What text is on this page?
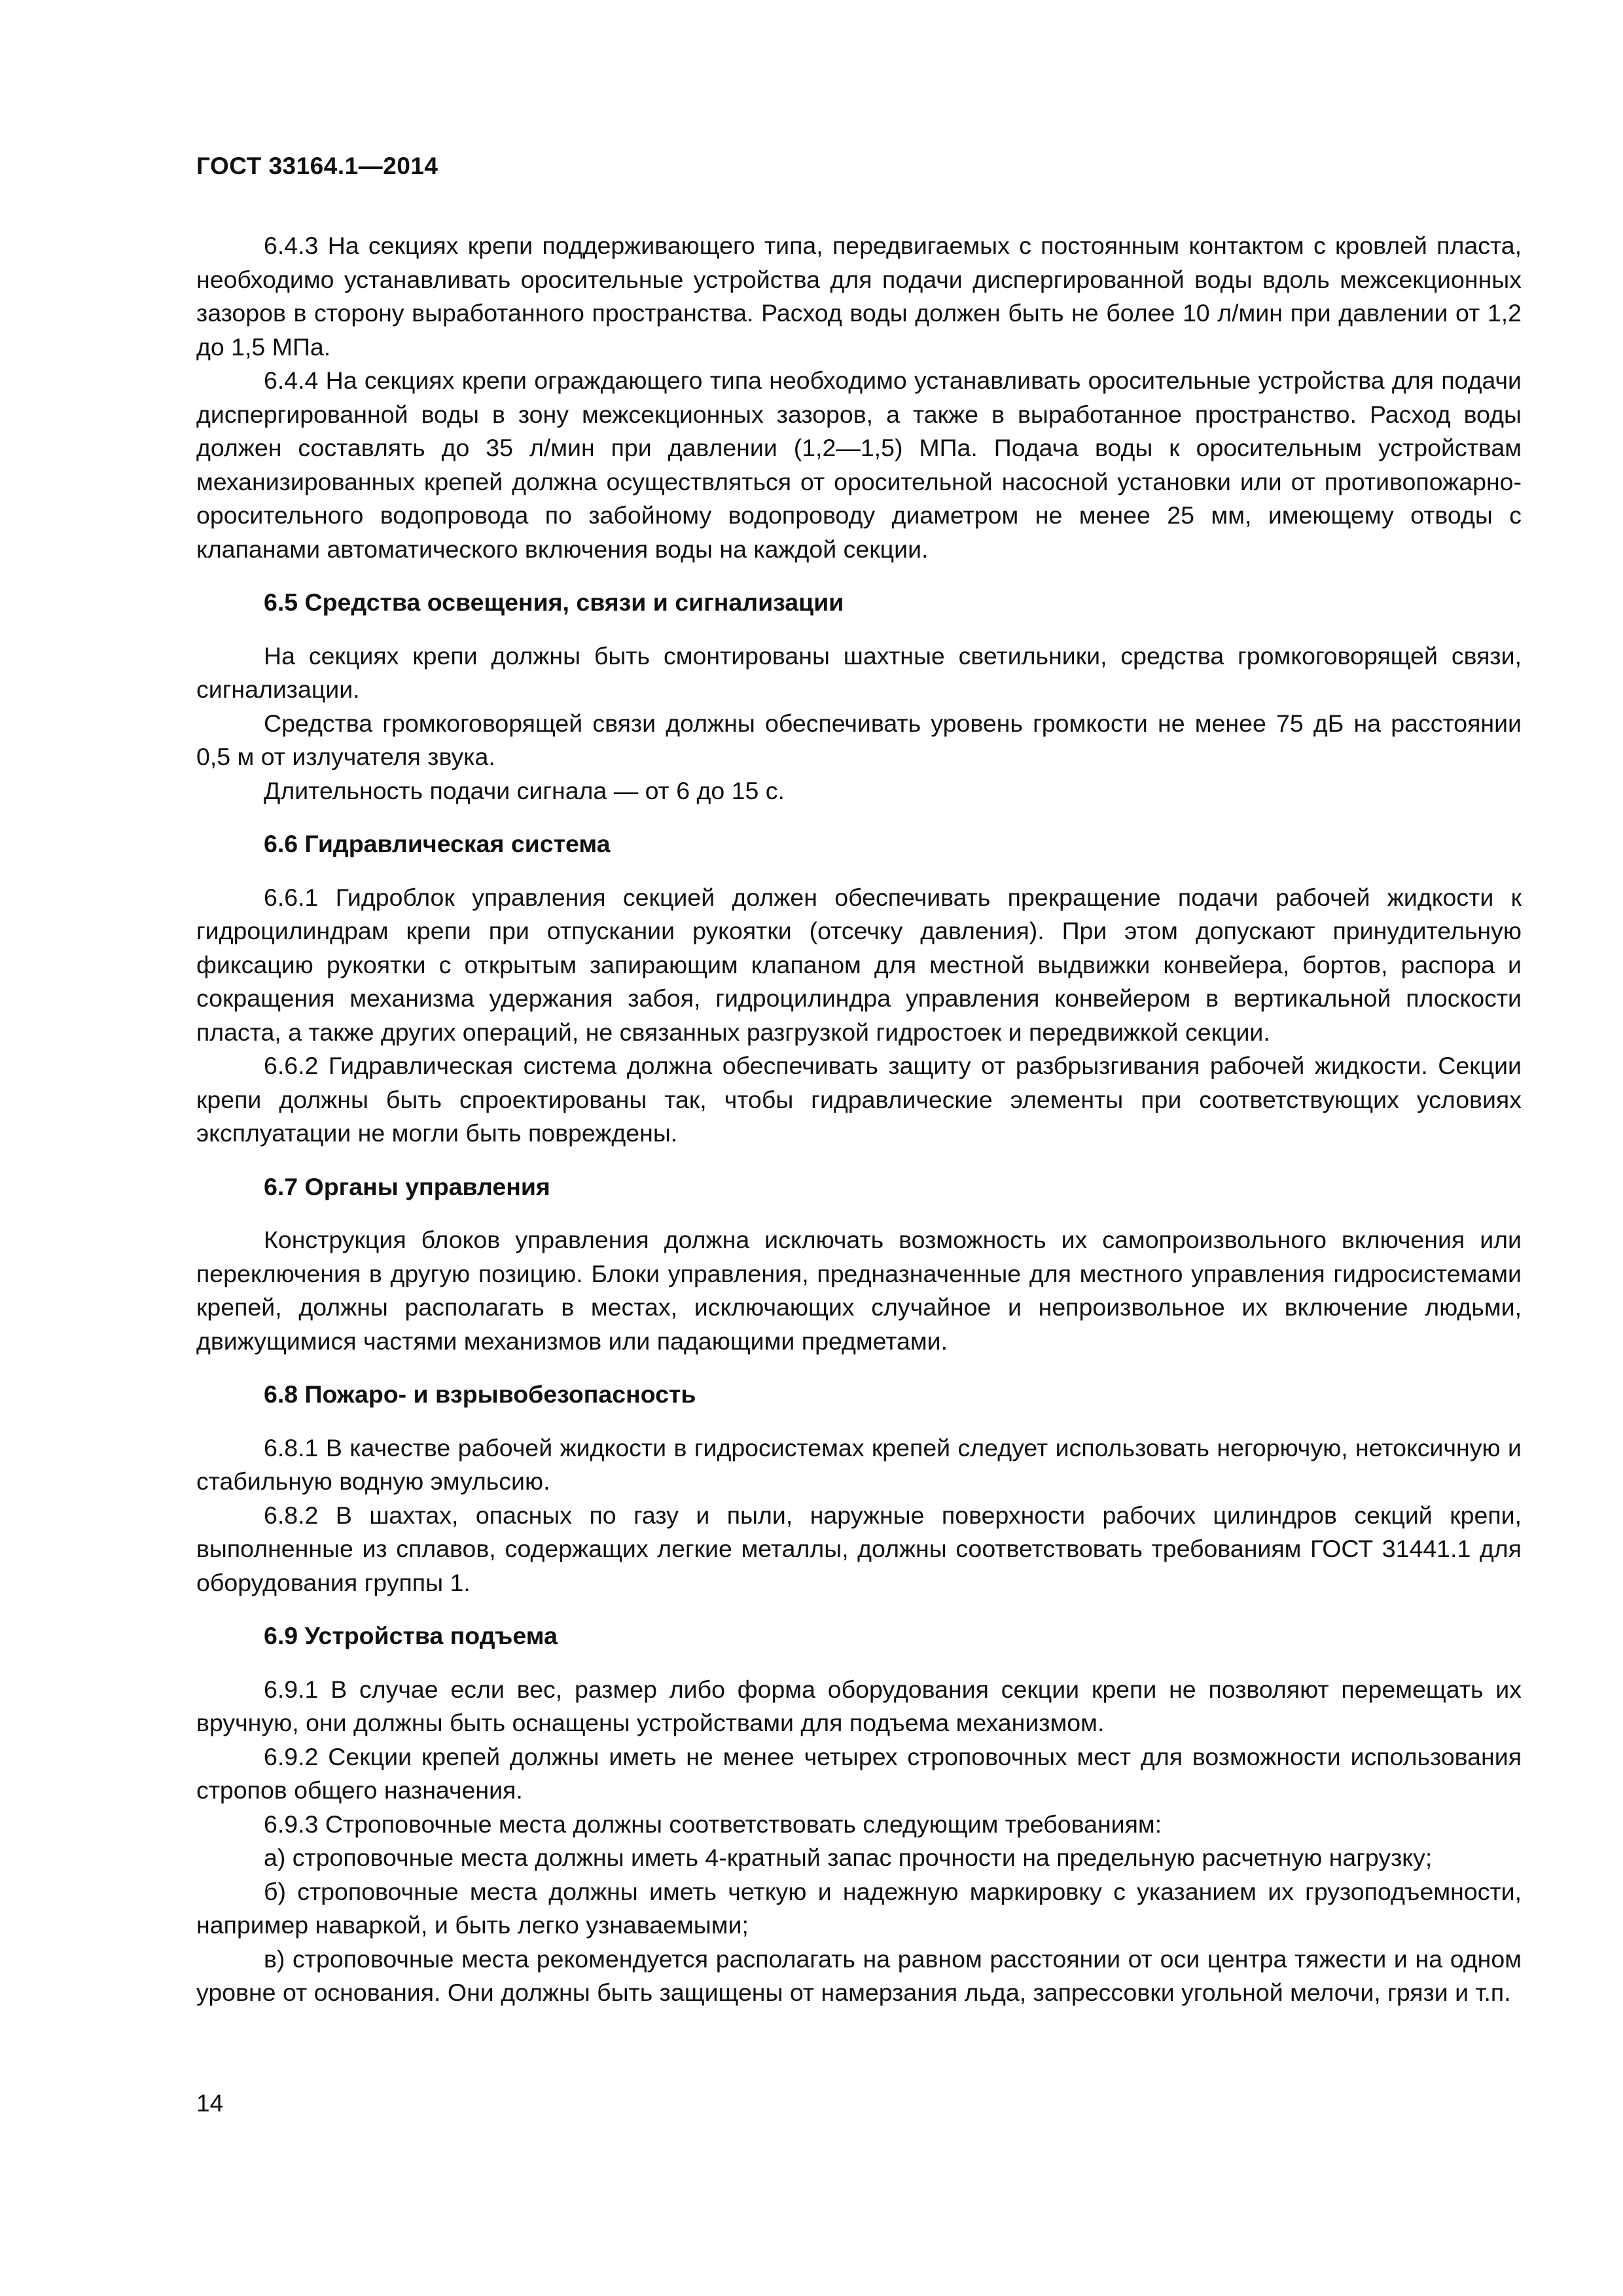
ГОСТ 33164.1—2014

6.4.3 На секциях крепи поддерживающего типа, передвигаемых с постоянным контактом с кровлей пласта, необходимо устанавливать оросительные устройства для подачи диспергированной воды вдоль межсекционных зазоров в сторону выработанного пространства. Расход воды должен быть не более 10 л/мин при давлении от 1,2 до 1,5 МПа.

6.4.4 На секциях крепи ограждающего типа необходимо устанавливать оросительные устройства для подачи диспергированной воды в зону межсекционных зазоров, а также в выработанное пространство. Расход воды должен составлять до 35 л/мин при давлении (1,2—1,5) МПа. Подача воды к оросительным устройствам механизированных крепей должна осуществляться от оросительной насосной установки или от противопожарно-оросительного водопровода по забойному водопроводу диаметром не менее 25 мм, имеющему отводы с клапанами автоматического включения воды на каждой секции.

6.5 Средства освещения, связи и сигнализации

На секциях крепи должны быть смонтированы шахтные светильники, средства громкоговорящей связи, сигнализации.

Средства громкоговорящей связи должны обеспечивать уровень громкости не менее 75 дБ на расстоянии 0,5 м от излучателя звука.

Длительность подачи сигнала — от 6 до 15 с.

6.6 Гидравлическая система

6.6.1 Гидроблок управления секцией должен обеспечивать прекращение подачи рабочей жидкости к гидроцилиндрам крепи при отпускании рукоятки (отсечку давления). При этом допускают принудительную фиксацию рукоятки с открытым запирающим клапаном для местной выдвижки конвейера, бортов, распора и сокращения механизма удержания забоя, гидроцилиндра управления конвейером в вертикальной плоскости пласта, а также других операций, не связанных разгрузкой гидростоек и передвижкой секции.

6.6.2 Гидравлическая система должна обеспечивать защиту от разбрызгивания рабочей жидкости. Секции крепи должны быть спроектированы так, чтобы гидравлические элементы при соответствующих условиях эксплуатации не могли быть повреждены.

6.7 Органы управления

Конструкция блоков управления должна исключать возможность их самопроизвольного включения или переключения в другую позицию. Блоки управления, предназначенные для местного управления гидросистемами крепей, должны располагать в местах, исключающих случайное и непроизвольное их включение людьми, движущимися частями механизмов или падающими предметами.

6.8 Пожаро- и взрывобезопасность

6.8.1 В качестве рабочей жидкости в гидросистемах крепей следует использовать негорючую, нетоксичную и стабильную водную эмульсию.

6.8.2 В шахтах, опасных по газу и пыли, наружные поверхности рабочих цилиндров секций крепи, выполненные из сплавов, содержащих легкие металлы, должны соответствовать требованиям ГОСТ 31441.1 для оборудования группы 1.

6.9 Устройства подъема

6.9.1 В случае если вес, размер либо форма оборудования секции крепи не позволяют перемещать их вручную, они должны быть оснащены устройствами для подъема механизмом.

6.9.2 Секции крепей должны иметь не менее четырех строповочных мест для возможности использования стропов общего назначения.

6.9.3 Строповочные места должны соответствовать следующим требованиям:

а) строповочные места должны иметь 4-кратный запас прочности на предельную расчетную нагрузку;

б) строповочные места должны иметь четкую и надежную маркировку с указанием их грузоподъемности, например наваркой, и быть легко узнаваемыми;

в) строповочные места рекомендуется располагать на равном расстоянии от оси центра тяжести и на одном уровне от основания. Они должны быть защищены от намерзания льда, запрессовки угольной мелочи, грязи и т.п.

14
